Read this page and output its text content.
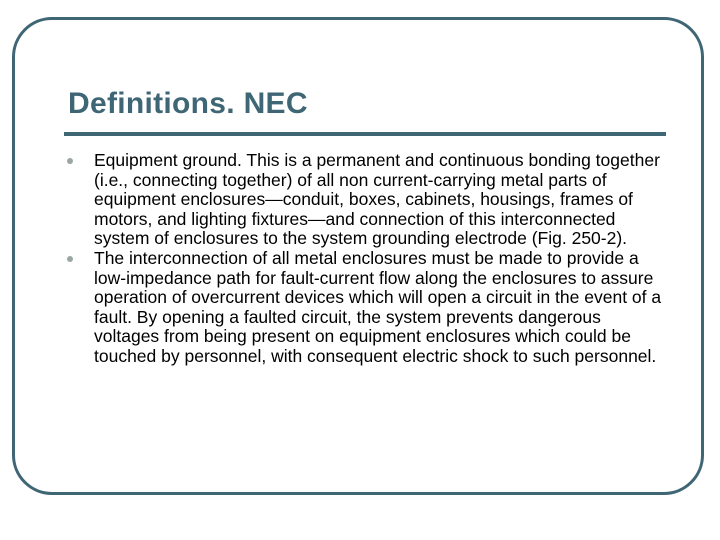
Definitions. NEC
Equipment ground. This is a permanent and continuous bonding together (i.e., connecting together) of all non current-carrying metal parts of equipment enclosures—conduit, boxes, cabinets, housings, frames of motors, and lighting fixtures—and connection of this interconnected system of enclosures to the system grounding electrode (Fig. 250-2).
The interconnection of all metal enclosures must be made to provide a low-impedance path for fault-current flow along the enclosures to assure operation of overcurrent devices which will open a circuit in the event of a fault. By opening a faulted circuit, the system prevents dangerous voltages from being present on equipment enclosures which could be touched by personnel, with consequent electric shock to such personnel.
